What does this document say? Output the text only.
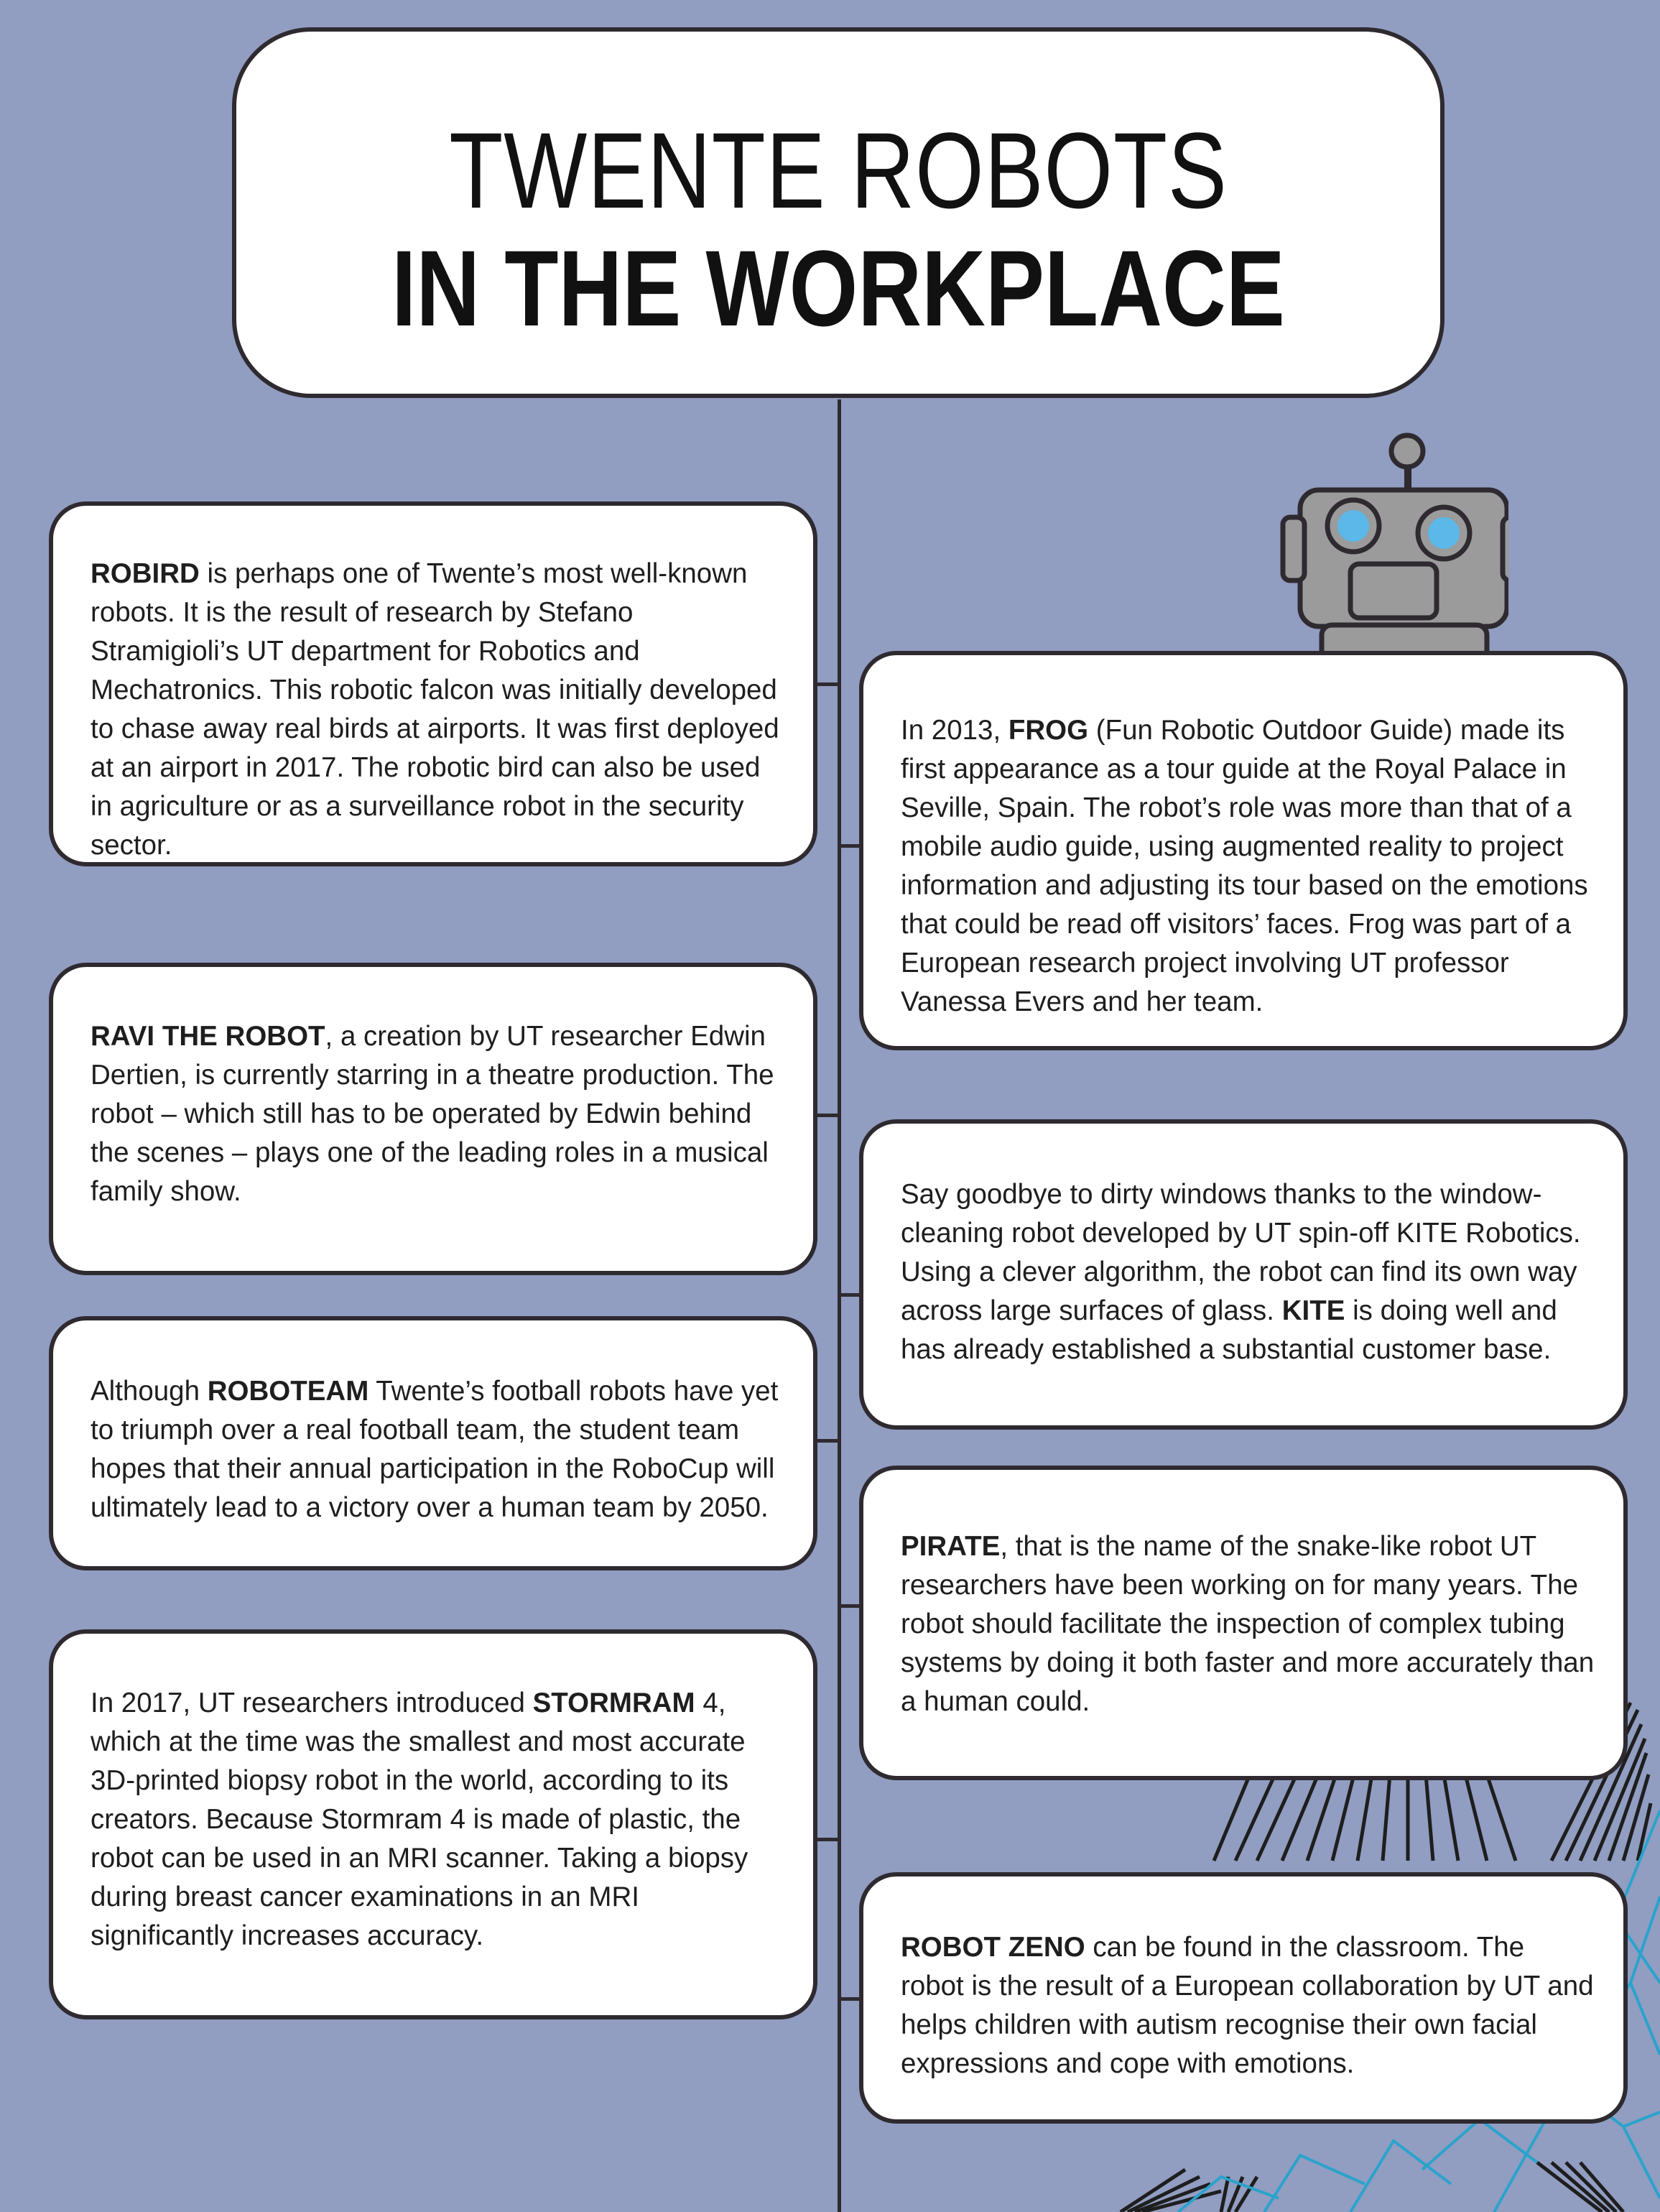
TWENTE ROBOTS
IN THE WORKPLACE
ROBIRD is perhaps one of Twente’s most well-known robots. It is the result of research by Stefano Stramigioli’s UT department for Robotics and Mechatronics. This robotic falcon was initially developed to chase away real birds at airports. It was first deployed at an airport in 2017. The robotic bird can also be used in agriculture or as a surveillance robot in the security sector.
RAVI THE ROBOT, a creation by UT researcher Edwin Dertien, is currently starring in a theatre production. The robot – which still has to be operated by Edwin behind the scenes – plays one of the leading roles in a musical family show.
Although ROBOTEAM Twente’s football robots have yet to triumph over a real football team, the student team hopes that their annual participation in the RoboCup will ultimately lead to a victory over a human team by 2050.
In 2017, UT researchers introduced STORMRAM 4, which at the time was the smallest and most accurate 3D-printed biopsy robot in the world, according to its creators. Because Stormram 4 is made of plastic, the robot can be used in an MRI scanner. Taking a biopsy during breast cancer examinations in an MRI significantly increases accuracy.
In 2013, FROG (Fun Robotic Outdoor Guide) made its first appearance as a tour guide at the Royal Palace in Seville, Spain. The robot’s role was more than that of a mobile audio guide, using augmented reality to project information and adjusting its tour based on the emotions that could be read off visitors’ faces. Frog was part of a European research project involving UT professor Vanessa Evers and her team.
Say goodbye to dirty windows thanks to the window-cleaning robot developed by UT spin-off KITE Robotics. Using a clever algorithm, the robot can find its own way across large surfaces of glass. KITE is doing well and has already established a substantial customer base.
PIRATE, that is the name of the snake-like robot UT researchers have been working on for many years. The robot should facilitate the inspection of complex tubing systems by doing it both faster and more accurately than a human could.
ROBOT ZENO can be found in the classroom. The robot is the result of a European collaboration by UT and helps children with autism recognise their own facial expressions and cope with emotions.
